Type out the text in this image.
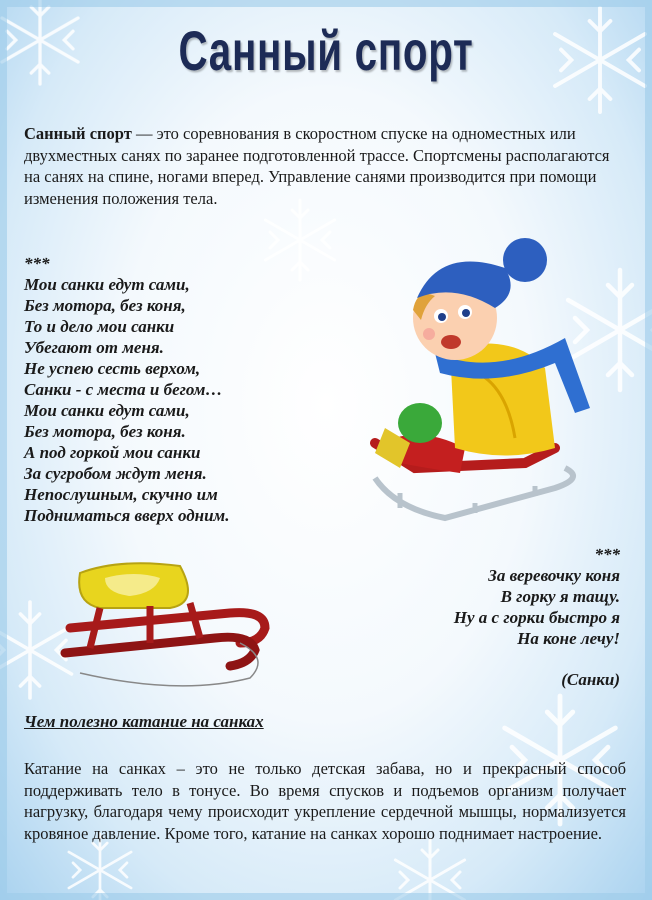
Санный спорт

Санный спорт — это соревнования в скоростном спуске на одноместных или двухместных санях по заранее подготовленной трассе. Спортсмены располагаются на санях на спине, ногами вперед. Управление санями производится при помощи изменения положения тела.

***
Мои санки едут сами,
Без мотора, без коня,
То и дело мои санки
Убегают от меня.
Не успею сесть верхом,
Санки - с места и бегом…
Мои санки едут сами,
Без мотора, без коня.
А под горкой мои санки
За сугробом ждут меня.
Непослушным, скучно им
Подниматься вверх одним.
***
За веревочку коня
В горку я тащу.
Ну а с горки быстро я
На коне лечу!
(Санки)
Чем полезно катание на санках

Катание на санках – это не только детская забава, но и прекрасный способ поддерживать тело в тонусе. Во время спусков и подъемов организм получает нагрузку, благодаря чему происходит укрепление сердечной мышцы, нормализуется кровяное давление. Кроме того, катание на санках хорошо поднимает настроение.
